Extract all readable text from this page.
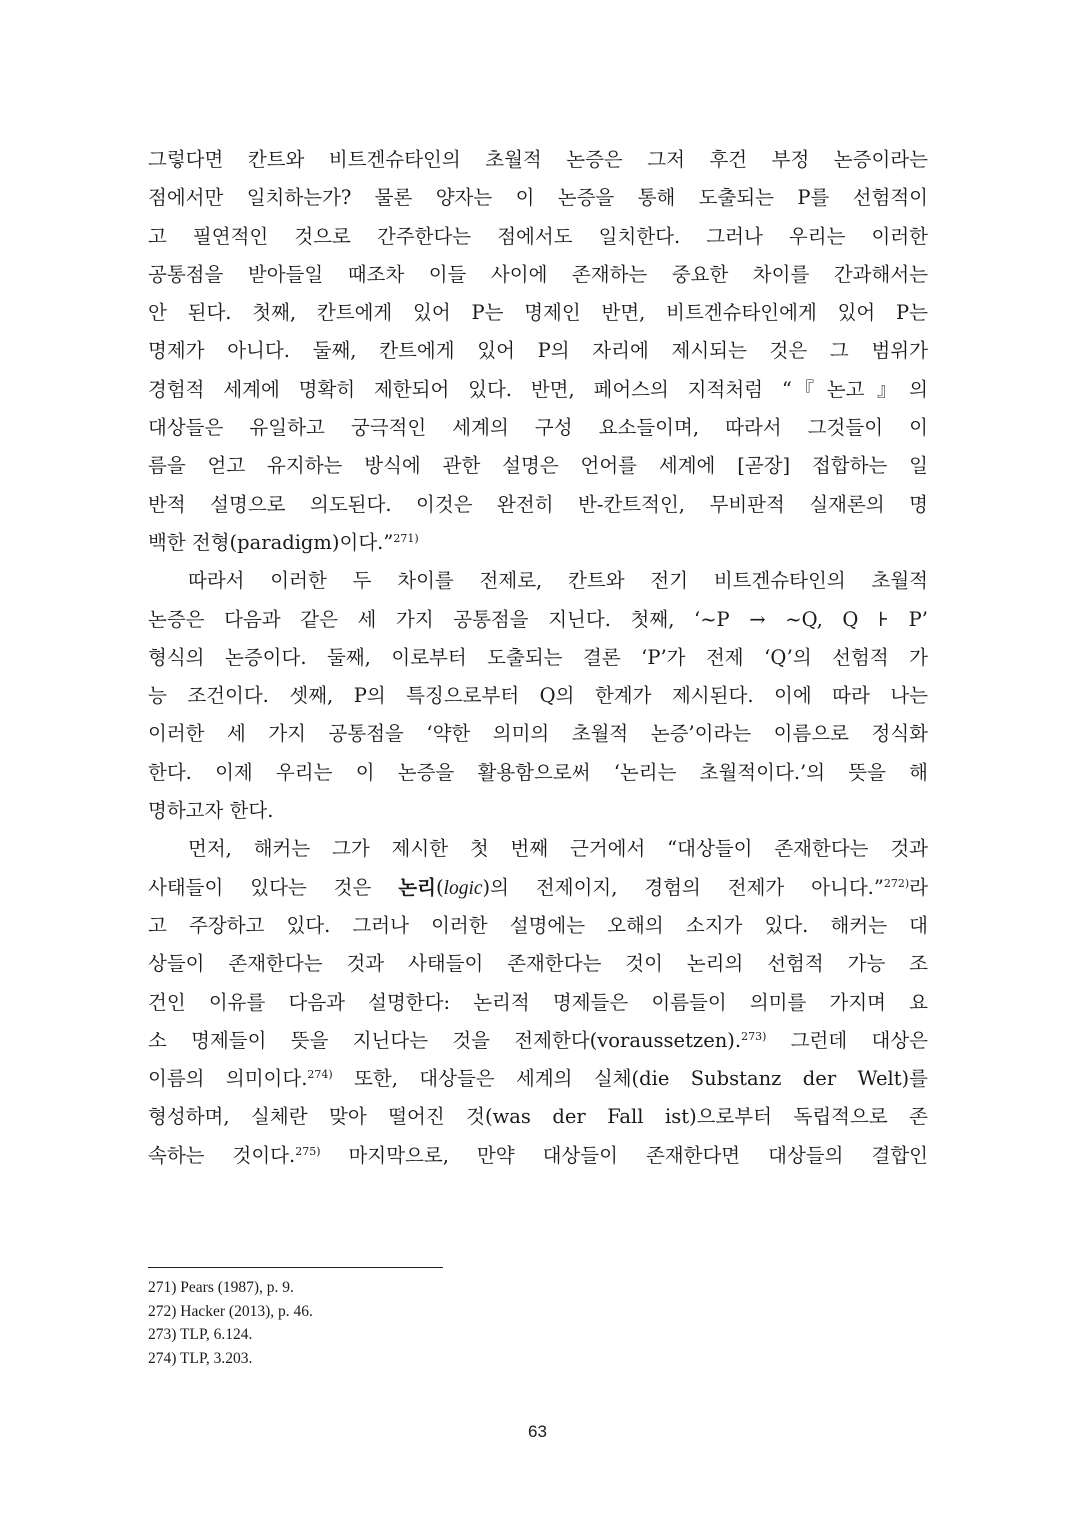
그렇다면 칸트와 비트겐슈타인의 초월적 논증은 그저 후건 부정 논증이라는
점에서만 일치하는가? 물론 양자는 이 논증을 통해 도출되는 P를 선험적이
고 필연적인 것으로 간주한다는 점에서도 일치한다. 그러나 우리는 이러한
공통점을 받아들일 때조차 이들 사이에 존재하는 중요한 차이를 간과해서는
안 된다. 첫째, 칸트에게 있어 P는 명제인 반면, 비트겐슈타인에게 있어 P는
명제가 아니다. 둘째, 칸트에게 있어 P의 자리에 제시되는 것은 그 범위가
경험적 세계에 명확히 제한되어 있다. 반면, 페어스의 지적처럼 “『논고』의
대상들은 유일하고 궁극적인 세계의 구성 요소들이며, 따라서 그것들이 이
름을 얻고 유지하는 방식에 관한 설명은 언어를 세계에 [곧장] 접합하는 일
반적 설명으로 의도된다. 이것은 완전히 반-칸트적인, 무비판적 실재론의 명
백한 전형(paradigm)이다.”$^{271)}$
따라서 이러한 두 차이를 전제로, 칸트와 전기 비트겐슈타인의 초월적
논증은 다음과 같은 세 가지 공통점을 지닌다. 첫째, ‘~P → ~Q, Q ⊦ P’
형식의 논증이다. 둘째, 이로부터 도출되는 결론 ‘P’가 전제 ‘Q’의 선험적 가
능 조건이다. 셋째, P의 특징으로부터 Q의 한계가 제시된다. 이에 따라 나는
이러한 세 가지 공통점을 ‘약한 의미의 초월적 논증’이라는 이름으로 정식화
한다. 이제 우리는 이 논증을 활용함으로써 ‘논리는 초월적이다.’의 뜻을 해
명하고자 한다.
먼저, 해커는 그가 제시한 첫 번째 근거에서 “대상들이 존재한다는 것과
사태들이 있다는 것은 논리(logic)의 전제이지, 경험의 전제가 아니다.”$^{272)}$라
고 주장하고 있다. 그러나 이러한 설명에는 오해의 소지가 있다. 해커는 대
상들이 존재한다는 것과 사태들이 존재한다는 것이 논리의 선험적 가능 조
건인 이유를 다음과 설명한다: 논리적 명제들은 이름들이 의미를 가지며 요
소 명제들이 뜻을 지닌다는 것을 전제한다(voraussetzen).$^{273)}$ 그런데 대상은
이름의 의미이다.$^{274)}$ 또한, 대상들은 세계의 실체(die Substanz der Welt)를
형성하며, 실체란 맞아 떨어진 것(was der Fall ist)으로부터 독립적으로 존
속하는 것이다.$^{275)}$ 마지막으로, 만약 대상들이 존재한다면 대상들의 결합인
271) Pears (1987), p. 9.
272) Hacker (2013), p. 46.
273) TLP, 6.124.
274) TLP, 3.203.
63
